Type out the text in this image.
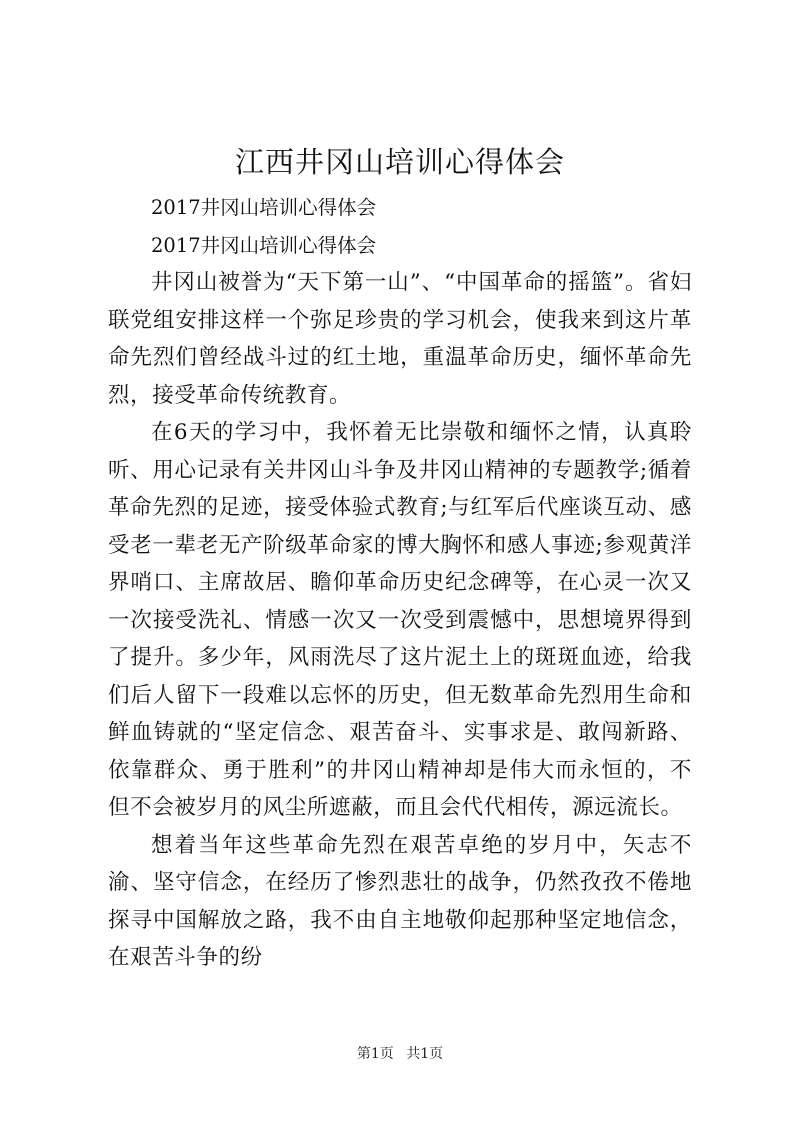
江西井冈山培训心得体会

2017井冈山培训心得体会

2017井冈山培训心得体会

井冈山被誉为“天下第一山”、“中国革命的摇篮”。省妇联党组安排这样一个弥足珍贵的学习机会，使我来到这片革命先烈们曾经战斗过的红土地，重温革命历史，缅怀革命先烈，接受革命传统教育。

在6天的学习中，我怀着无比崇敬和缅怀之情，认真聆听、用心记录有关井冈山斗争及井冈山精神的专题教学;循着革命先烈的足迹，接受体验式教育;与红军后代座谈互动、感受老一辈老无产阶级革命家的博大胸怀和感人事迹;参观黄洋界哨口、主席故居、瞻仰革命历史纪念碑等，在心灵一次又一次接受洗礼、情感一次又一次受到震憾中，思想境界得到了提升。多少年，风雨洗尽了这片泥土上的斑斑血迹，给我们后人留下一段难以忘怀的历史，但无数革命先烈用生命和鲜血铸就的“坚定信念、艰苦奋斗、实事求是、敢闯新路、依靠群众、勇于胜利”的井冈山精神却是伟大而永恒的，不但不会被岁月的风尘所遮蔽，而且会代代相传，源远流长。

想着当年这些革命先烈在艰苦卓绝的岁月中，矢志不渝、坚守信念，在经历了惨烈悲壮的战争，仍然孜孜不倦地探寻中国解放之路，我不由自主地敬仰起那种坚定地信念，在艰苦斗争的纷

第1页 共1页
